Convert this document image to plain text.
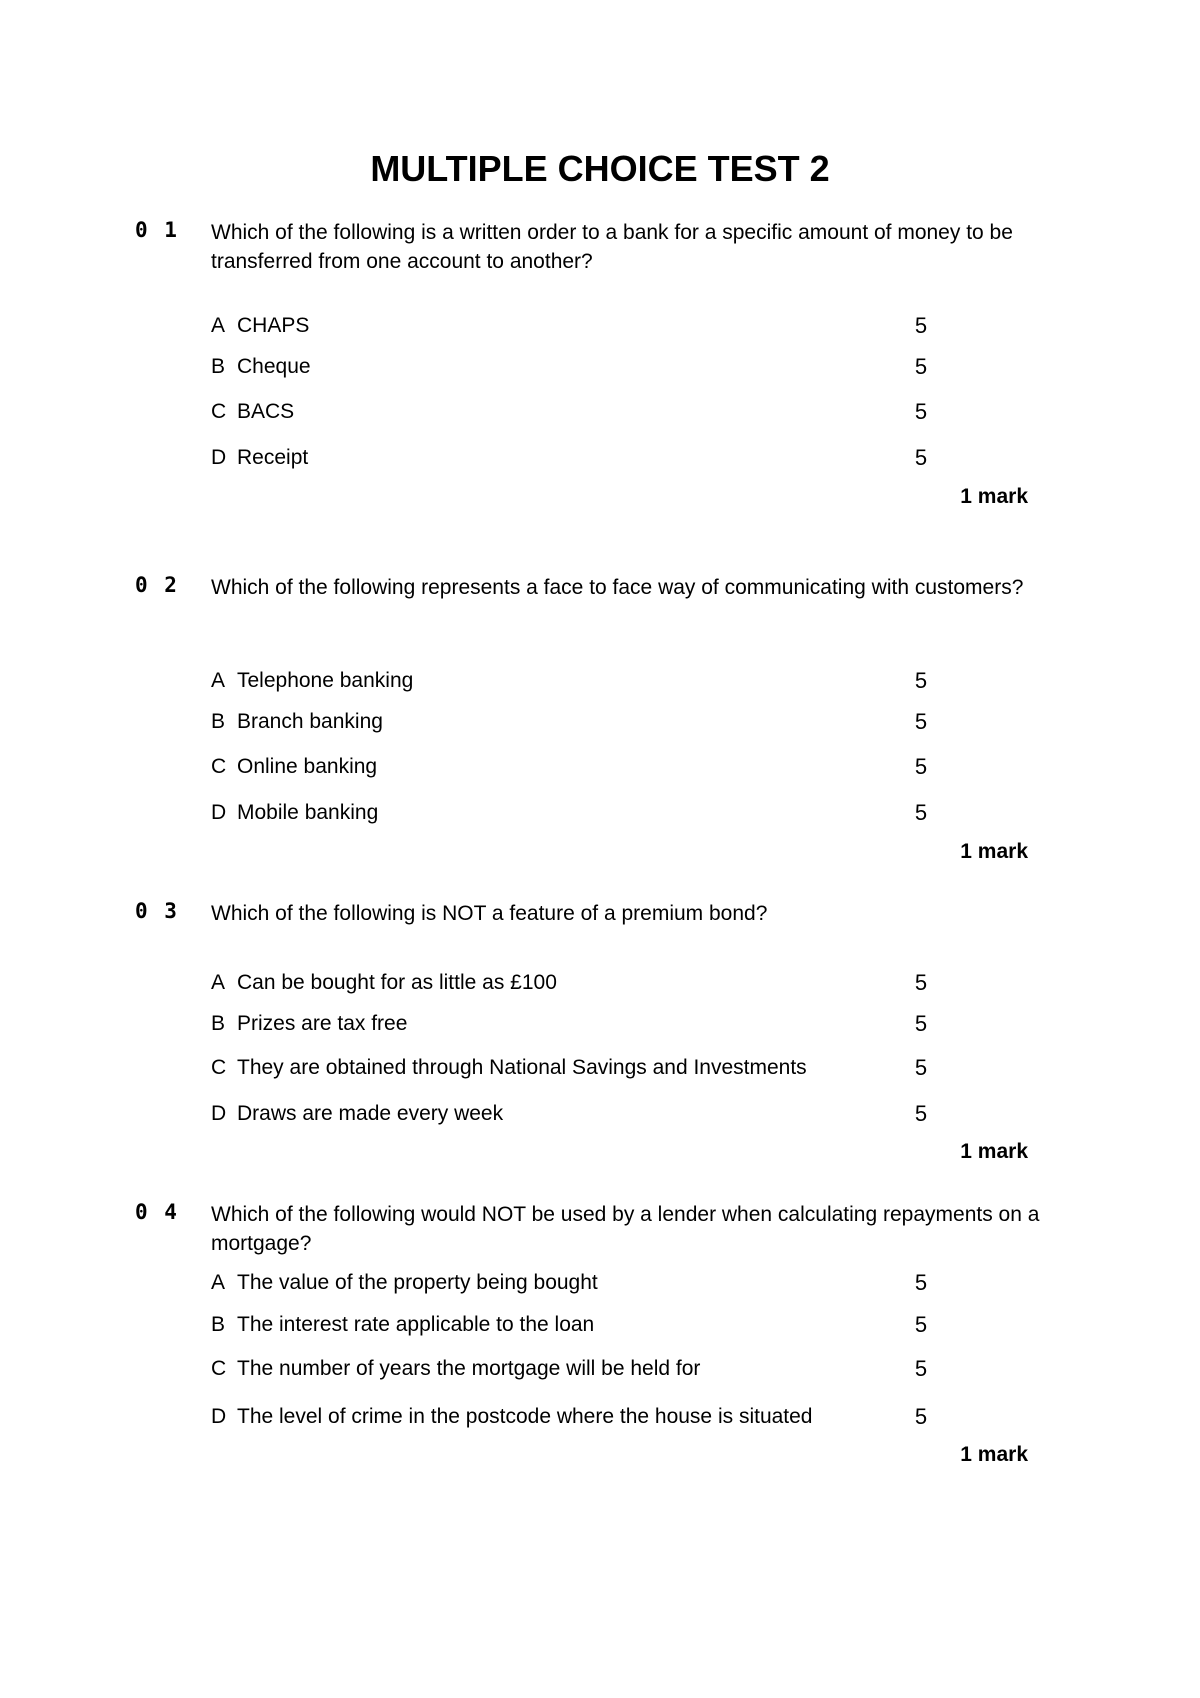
MULTIPLE CHOICE TEST 2
0 1 Which of the following is a written order to a bank for a specific amount of money to be transferred from one account to another?
A CHAPS	5
B Cheque	5
C BACS	5
D Receipt	5
1 mark
0 2 Which of the following represents a face to face way of communicating with customers?
A Telephone banking	5
B Branch banking	5
C Online banking	5
D Mobile banking	5
1 mark
0 3 Which of the following is NOT a feature of a premium bond?
A Can be bought for as little as £100	5
B Prizes are tax free	5
C They are obtained through National Savings and Investments	5
D Draws are made every week	5
1 mark
0 4 Which of the following would NOT be used by a lender when calculating repayments on a mortgage?
A The value of the property being bought	5
B The interest rate applicable to the loan	5
C The number of years the mortgage will be held for	5
D The level of crime in the postcode where the house is situated	5
1 mark
